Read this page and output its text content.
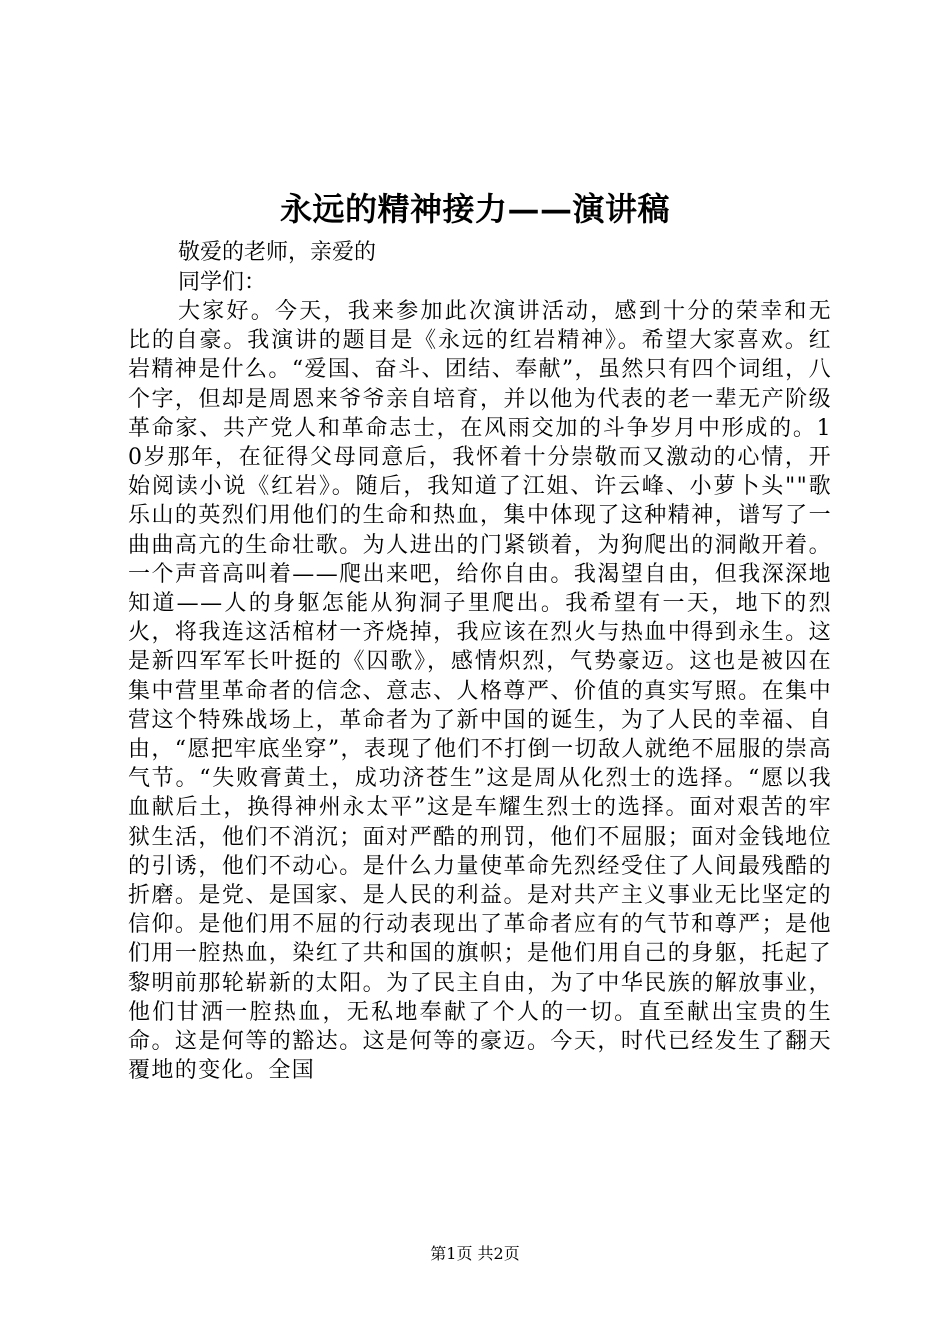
永远的精神接力——演讲稿
敬爱的老师，亲爱的
同学们：
大家好。今天，我来参加此次演讲活动，感到十分的荣幸和无比的自豪。我演讲的题目是《永远的红岩精神》。希望大家喜欢。红岩精神是什么。“爱国、奋斗、团结、奉献”，虽然只有四个词组，八个字，但却是周恩来爷爷亲自培育，并以他为代表的老一辈无产阶级革命家、共产党人和革命志士，在风雨交加的斗争岁月中形成的。10岁那年，在征得父母同意后，我怀着十分崇敬而又激动的心情，开始阅读小说《红岩》。随后，我知道了江姐、许云峰、小萝卜头""歌乐山的英烈们用他们的生命和热血，集中体现了这种精神，谱写了一曲曲高亢的生命壮歌。为人进出的门紧锁着，为狗爬出的洞敞开着。一个声音高叫着——爬出来吧，给你自由。我渴望自由，但我深深地知道——人的身躯怎能从狗洞子里爬出。我希望有一天，地下的烈火，将我连这活棺材一齐烧掉，我应该在烈火与热血中得到永生。这是新四军军长叶挺的《囚歌》，感情炽烈，气势豪迈。这也是被囚在集中营里革命者的信念、意志、人格尊严、价值的真实写照。在集中营这个特殊战场上，革命者为了新中国的诞生，为了人民的幸福、自由，“愿把牢底坐穿”，表现了他们不打倒一切敌人就绝不屈服的崇高气节。“失败膏黄土，成功济苍生”这是周从化烈士的选择。“愿以我血献后土，换得神州永太平”这是车耀生烈士的选择。面对艰苦的牢狱生活，他们不消沉；面对严酷的刑罚，他们不屈服；面对金钱地位的引诱，他们不动心。是什么力量使革命先烈经受住了人间最残酷的折磨。是党、是国家、是人民的利益。是对共产主义事业无比坚定的信仰。是他们用不屈的行动表现出了革命者应有的气节和尊严；是他们用一腔热血，染红了共和国的旗帜；是他们用自己的身躯，托起了黎明前那轮崭新的太阳。为了民主自由，为了中华民族的解放事业，他们甘洒一腔热血，无私地奉献了个人的一切。直至献出宝贵的生命。这是何等的豁达。这是何等的豪迈。今天，时代已经发生了翻天覆地的变化。全国
第1页 共2页
